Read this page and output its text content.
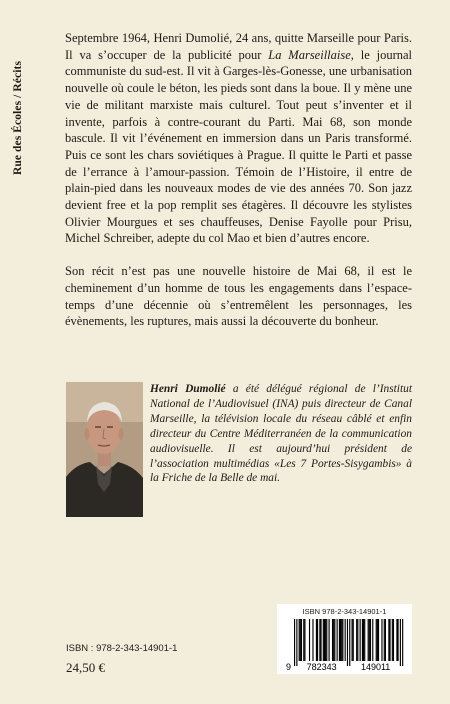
Rue des Écoles / Récits

Septembre 1964, Henri Dumolié, 24 ans, quitte Marseille pour Paris. Il va s’occuper de la publicité pour La Marseillaise, le journal communiste du sud-est. Il vit à Garges-lès-Gonesse, une urbanisation nouvelle où coule le béton, les pieds sont dans la boue. Il y mène une vie de militant marxiste mais culturel. Tout peut s’inventer et il invente, parfois à contre-courant du Parti. Mai 68, son monde bascule. Il vit l’événement en immersion dans un Paris transformé. Puis ce sont les chars soviétiques à Prague. Il quitte le Parti et passe de l’errance à l’amour-passion. Témoin de l’Histoire, il entre de plain-pied dans les nouveaux modes de vie des années 70. Son jazz devient free et la pop remplit ses étagères. Il découvre les stylistes Olivier Mourgues et ses chauffeuses, Denise Fayolle pour Prisu, Michel Schreiber, adepte du col Mao et bien d’autres encore.

Son récit n’est pas une nouvelle histoire de Mai 68, il est le cheminement d’un homme de tous les engagements dans l’espace-temps d’une décennie où s’entremêlent les personnages, les évènements, les ruptures, mais aussi la découverte du bonheur.

Henri Dumolié a été délégué régional de l’Institut National de l’Audiovisuel (INA) puis directeur de Canal Marseille, la télévision locale du réseau câblé et enfin directeur du Centre Méditerranéen de la communication audiovisuelle. Il est aujourd’hui président de l’association multimédias «Les 7 Portes-Sisygambis» à la Friche de la Belle de mai.
ISBN : 978-2-343-14901-1
24,50 €
ISBN 978-2-343-14901-1
9 782343	149011
